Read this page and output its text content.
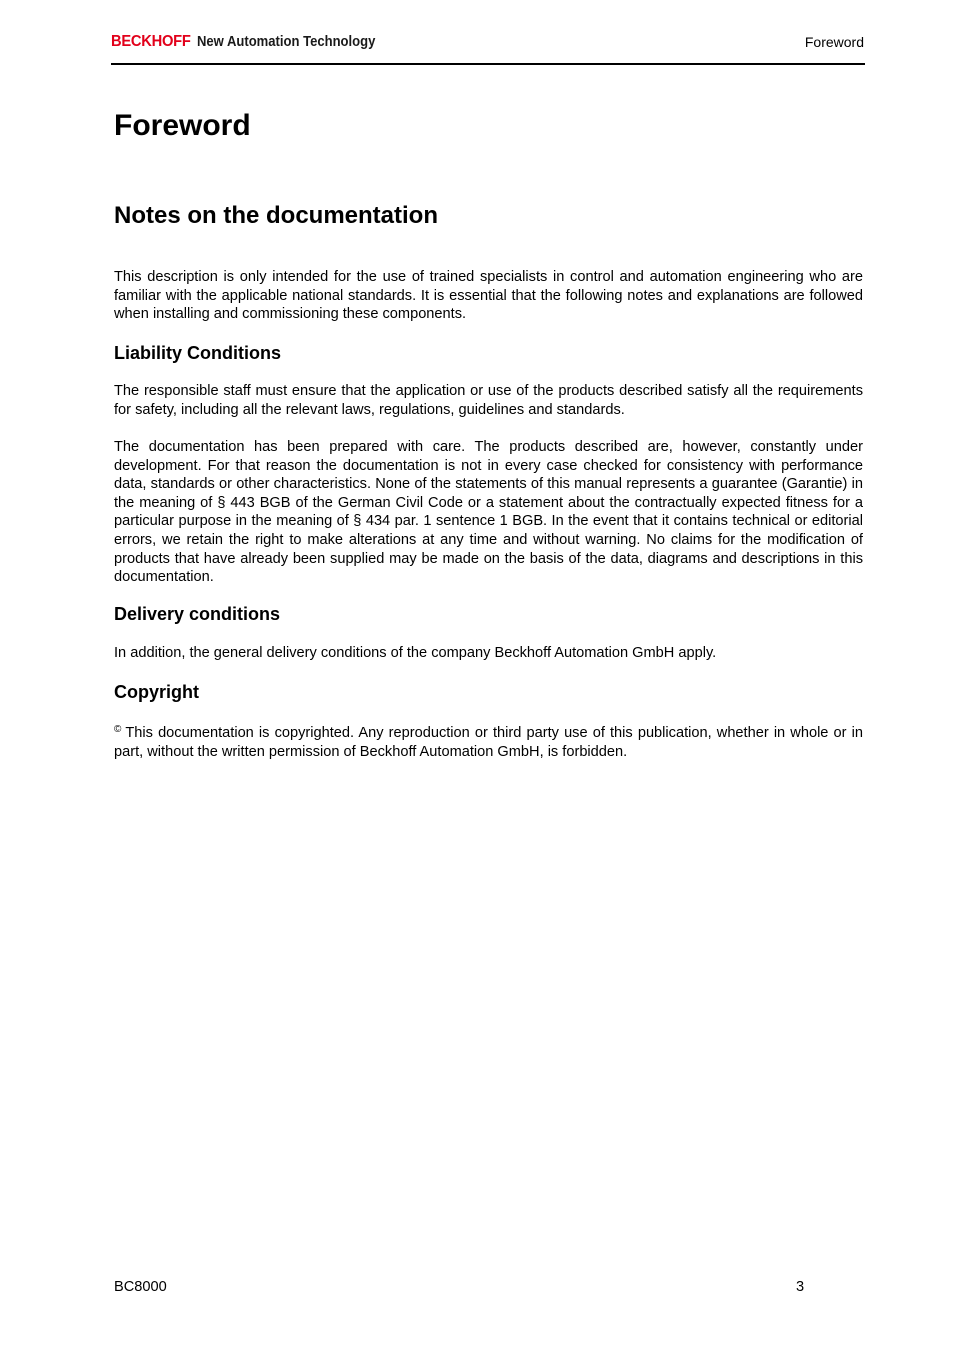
BECKHOFF New Automation Technology	Foreword
Foreword
Notes on the documentation

This description is only intended for the use of trained specialists in control and automation engineering who are familiar with the applicable national standards. It is essential that the following notes and explanations are followed when installing and commissioning these components.

Liability Conditions

The responsible staff must ensure that the application or use of the products described satisfy all the requirements for safety, including all the relevant laws, regulations, guidelines and standards.

The documentation has been prepared with care. The products described are, however, constantly under development. For that reason the documentation is not in every case checked for consistency with performance data, standards or other characteristics. None of the statements of this manual represents a guarantee (Garantie) in the meaning of § 443 BGB of the German Civil Code or a statement about the contractually expected fitness for a particular purpose in the meaning of § 434 par. 1 sentence 1 BGB. In the event that it contains technical or editorial errors, we retain the right to make alterations at any time and without warning. No claims for the modification of products that have already been supplied may be made on the basis of the data, diagrams and descriptions in this documentation.

Delivery conditions

In addition, the general delivery conditions of the company Beckhoff Automation GmbH apply.

Copyright

© This documentation is copyrighted. Any reproduction or third party use of this publication, whether in whole or in part, without the written permission of Beckhoff Automation GmbH, is forbidden.

BC8000	3
